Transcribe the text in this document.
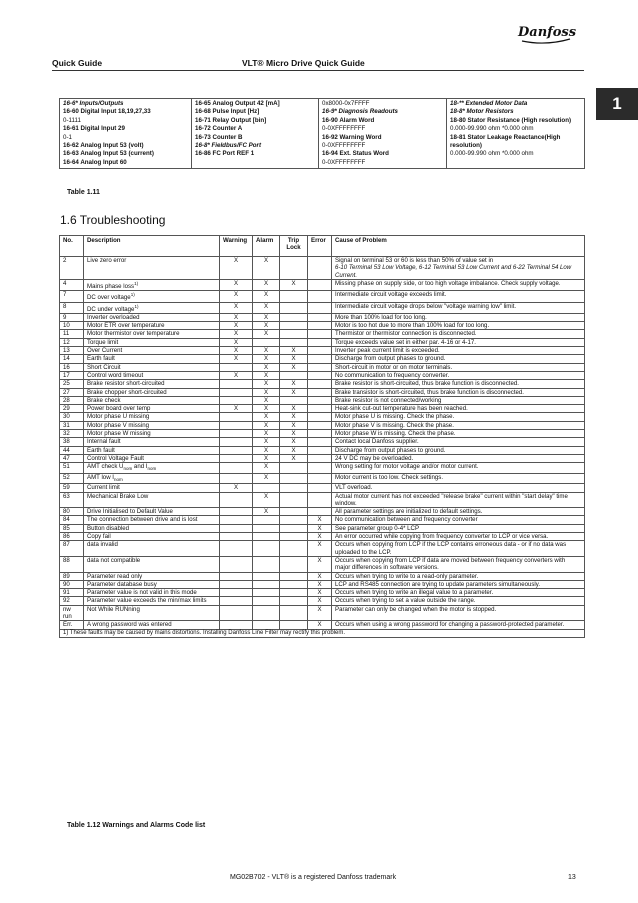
Danfoss
Quick Guide	VLT® Micro Drive Quick Guide
1
16-6* Inputs/Outputs
16-60 Digital Input 18,19,27,33
0-1111
16-61 Digital Input 29
0-1
16-62 Analog Input 53 (volt)
16-63 Analog Input 53 (current)
16-64 Analog Input 60

16-65 Analog Output 42 [mA]
16-68 Pulse Input [Hz]
16-71 Relay Output [bin]
16-72 Counter A
16-73 Counter B
16-8* Fieldbus/FC Port
16-86 FC Port REF 1

0x8000-0x7FFFF
16-9* Diagnosis Readouts
16-90 Alarm Word
0-0XFFFFFFFF
16-92 Warning Word
0-0XFFFFFFFF
16-94 Ext. Status Word
0-0XFFFFFFFF

18-** Extended Motor Data
18-8* Motor Resistors
18-80 Stator Resistance (High resolution)
0.000-99.990 ohm *0.000 ohm
18-81 Stator Leakage Reactance(High resolution)
0.000-99.990 ohm *0.000 ohm
Table 1.11
1.6 Troubleshooting
No.	Description	Warning	Alarm	Trip Lock	Error	Cause of Problem
2	Live zero error	X	X			Signal on terminal 53 or 60 is less than 50% of value set in
6-10 Terminal 53 Low Voltage, 6-12 Terminal 53 Low Current and 6-22 Terminal 54 Low Current.
4	Mains phase loss$^{1)}$	X	X	X		Missing phase on supply side, or too high voltage imbalance. Check supply voltage.
7	DC over voltage$^{1)}$	X	X			Intermediate circuit voltage exceeds limit.
8	DC under voltage$^{1)}$	X	X			Intermediate circuit voltage drops below "voltage warning low" limit.
9	Inverter overloaded	X	X			More than 100% load for too long.
10	Motor ETR over temperature	X	X			Motor is too hot due to more than 100% load for too long.
11	Motor thermistor over temperature	X	X			Thermistor or thermistor connection is disconnected.
12	Torque limit	X				Torque exceeds value set in either par. 4-16 or 4-17.
13	Over Current	X	X	X		Inverter peak current limit is exceeded.
14	Earth fault	X	X	X		Discharge from output phases to ground.
16	Short Circuit		X	X		Short-circuit in motor or on motor terminals.
17	Control word timeout	X	X			No communication to frequency converter.
25	Brake resistor short-circuited		X	X		Brake resistor is short-circuited, thus brake function is disconnected.
27	Brake chopper short-circuited		X	X		Brake transistor is short-circuited, thus brake function is disconnected.
28	Brake check		X			Brake resistor is not connected/working
29	Power board over temp	X	X	X		Heat-sink cut-out temperature has been reached.
30	Motor phase U missing		X	X		Motor phase U is missing. Check the phase.
31	Motor phase V missing		X	X		Motor phase V is missing. Check the phase.
32	Motor phase W missing		X	X		Motor phase W is missing. Check the phase.
38	Internal fault		X	X		Contact local Danfoss supplier.
44	Earth fault		X	X		Discharge from output phases to ground.
47	Control Voltage Fault		X	X		24 V DC may be overloaded.
51	AMT check $U_{nom}$ and $I_{nom}$		X			Wrong setting for motor voltage and/or motor current.
52	AMT low $I_{nom}$		X			Motor current is too low. Check settings.
59	Current limit	X				VLT overload.
63	Mechanical Brake Low		X			Actual motor current has not exceeded "release brake" current within "start delay" time window.
80	Drive Initialised to Default Value		X			All parameter settings are initialized to default settings.
84	The connection between drive and is lost				X	No communication between and frequency converter
85	Button disabled				X	See parameter group 0-4* LCP
86	Copy fail				X	An error occurred while copying from frequency converter to LCP or vice versa.
87	data invalid				X	Occurs when copying from LCP if the LCP contains erroneous data - or if no data was uploaded to the LCP.
88	data not compatible				X	Occurs when copying from LCP if data are moved between frequency converters with major differences in software versions.
89	Parameter read only				X	Occurs when trying to write to a read-only parameter.
90	Parameter database busy				X	LCP and RS485 connection are trying to update parameters simultaneously.
91	Parameter value is not valid in this mode				X	Occurs when trying to write an illegal value to a parameter.
92	Parameter value exceeds the min/max limits				X	Occurs when trying to set a value outside the range.
nw run	Not While RUNning				X	Parameter can only be changed when the motor is stopped.
Err.	A wrong password was entered				X	Occurs when using a wrong password for changing a password-protected parameter.
1) These faults may be caused by mains distortions. Installing Danfoss Line Filter may rectify this problem.						
Table 1.12 Warnings and Alarms Code list
MG02B702 - VLT® is a registered Danfoss trademark	13
